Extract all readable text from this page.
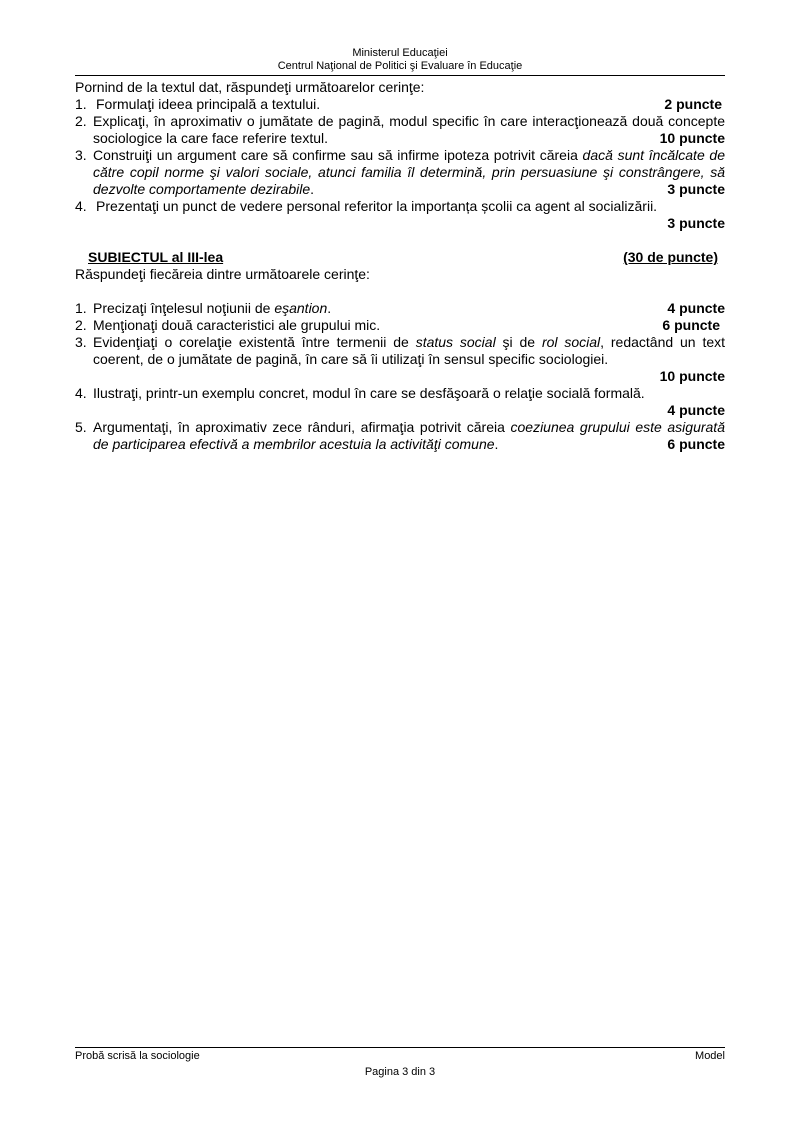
Ministerul Educaţiei
Centrul Naţional de Politici şi Evaluare în Educaţie
Pornind de la textul dat, răspundeţi următoarelor cerinţe:
1. Formulaţi ideea principală a textului.	2 puncte
2. Explicaţi, în aproximativ o jumătate de pagină, modul specific în care interacţionează două concepte sociologice la care face referire textul.	10 puncte
3. Construiţi un argument care să confirme sau să infirme ipoteza potrivit căreia dacă sunt încălcate de către copil norme şi valori sociale, atunci familia îl determină, prin persuasiune şi constrângere, să dezvolte comportamente dezirabile.	3 puncte
4. Prezentaţi un punct de vedere personal referitor la importanța școlii ca agent al socializării.
3 puncte
SUBIECTUL al III-lea	(30 de puncte)
Răspundeţi fiecăreia dintre următoarele cerinţe:
1. Precizaţi înţelesul noţiunii de eşantion.	4 puncte
2. Menţionaţi două caracteristici ale grupului mic.	6 puncte
3. Evidenţiaţi o corelaţie existentă între termenii de status social şi de rol social, redactând un text coerent, de o jumătate de pagină, în care să îi utilizaţi în sensul specific sociologiei.
10 puncte
4. Ilustraţi, printr-un exemplu concret, modul în care se desfăşoară o relaţie socială formală.
4 puncte
5. Argumentaţi, în aproximativ zece rânduri, afirmaţia potrivit căreia coeziunea grupului este asigurată de participarea efectivă a membrilor acestuia la activităţi comune.	6 puncte
Probă scrisă la sociologie	Model
Pagina 3 din 3
